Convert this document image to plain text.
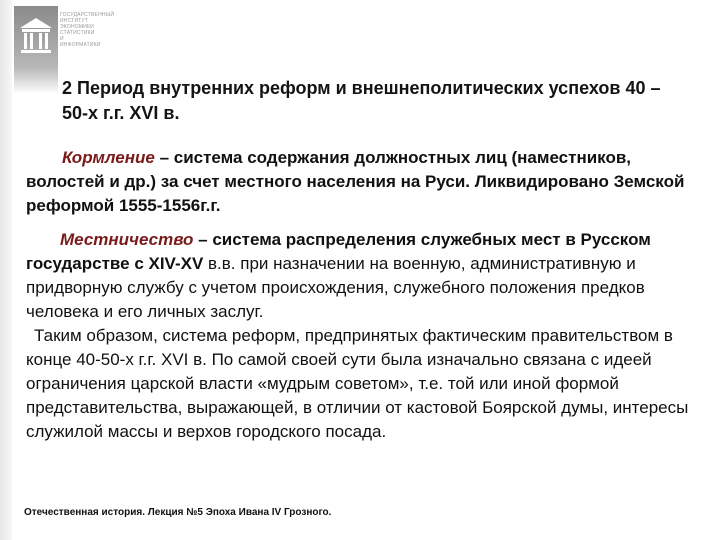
ГОСУДАРСТВЕННЫЙ
ИНСТИТУТ
ЭКОНОМИКИ
СТАТИСТИКИ
И ИНФОРМАТИКИ
2 Период внутренних реформ и внешнеполитических успехов 40 – 50-х г.г. XVI в.
Кормление – система содержания должностных лиц (наместников, волостей и др.) за счет местного населения на Руси. Ликвидировано Земской реформой 1555-1556г.г.
Местничество – система распределения служебных мест в Русском государстве с XIV-XV в.в. при назначении на военную, административную и придворную службу с учетом происхождения, служебного положения предков человека и его личных заслуг.
Таким образом, система реформ, предпринятых фактическим правительством в конце 40-50-х г.г. XVI в. По самой своей сути была изначально связана с идеей ограничения царской власти «мудрым советом», т.е. той или иной формой представительства, выражающей, в отличии от кастовой Боярской думы, интересы служилой массы и верхов городского посада.
Отечественная история. Лекция №5 Эпоха Ивана IV Грозного.
